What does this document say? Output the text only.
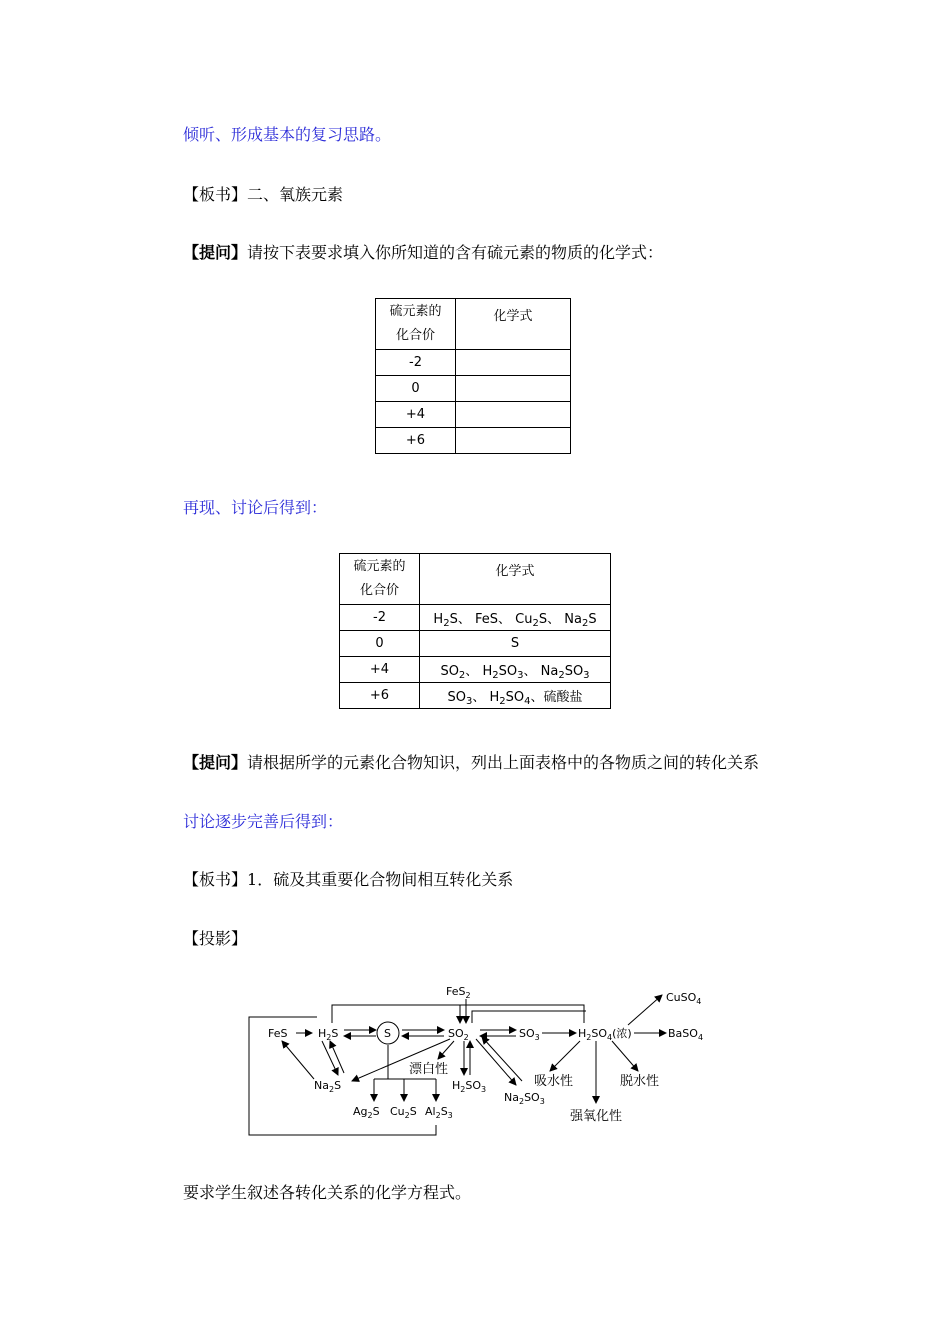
倾听、形成基本的复习思路。
【板书】二、氧族元素
【提问】请按下表要求填入你所知道的含有硫元素的物质的化学式：
硫元素的
化合价	化学式
-2	
0	
+4	
+6	
再现、讨论后得到：
硫元素的
化合价	化学式
-2	$H_2S$、 FeS、 $Cu_2S$、 $Na_2S$
0	S
+4	$SO_2$、 $H_2SO_3$、 $Na_2SO_3$
+6	$SO_3$、 $H_2SO_4$、硫酸盐
【提问】请根据所学的元素化合物知识，列出上面表格中的各物质之间的转化关系
讨论逐步完善后得到：
【板书】1．硫及其重要化合物间相互转化关系
【投影】
FeS$_2$
FeS	$H_2S$	S	$SO_2$	$SO_3$	$H_2SO_4$(浓)
CuSO$_4$
BaSO$_4$
$Na_2S$
$Ag_2S$ $Cu_2S$ $Al_2S_3$
$H_2SO_3$
$Na_2SO_3$
漂白性
吸水性	脱水性
强氧化性
要求学生叙述各转化关系的化学方程式。
